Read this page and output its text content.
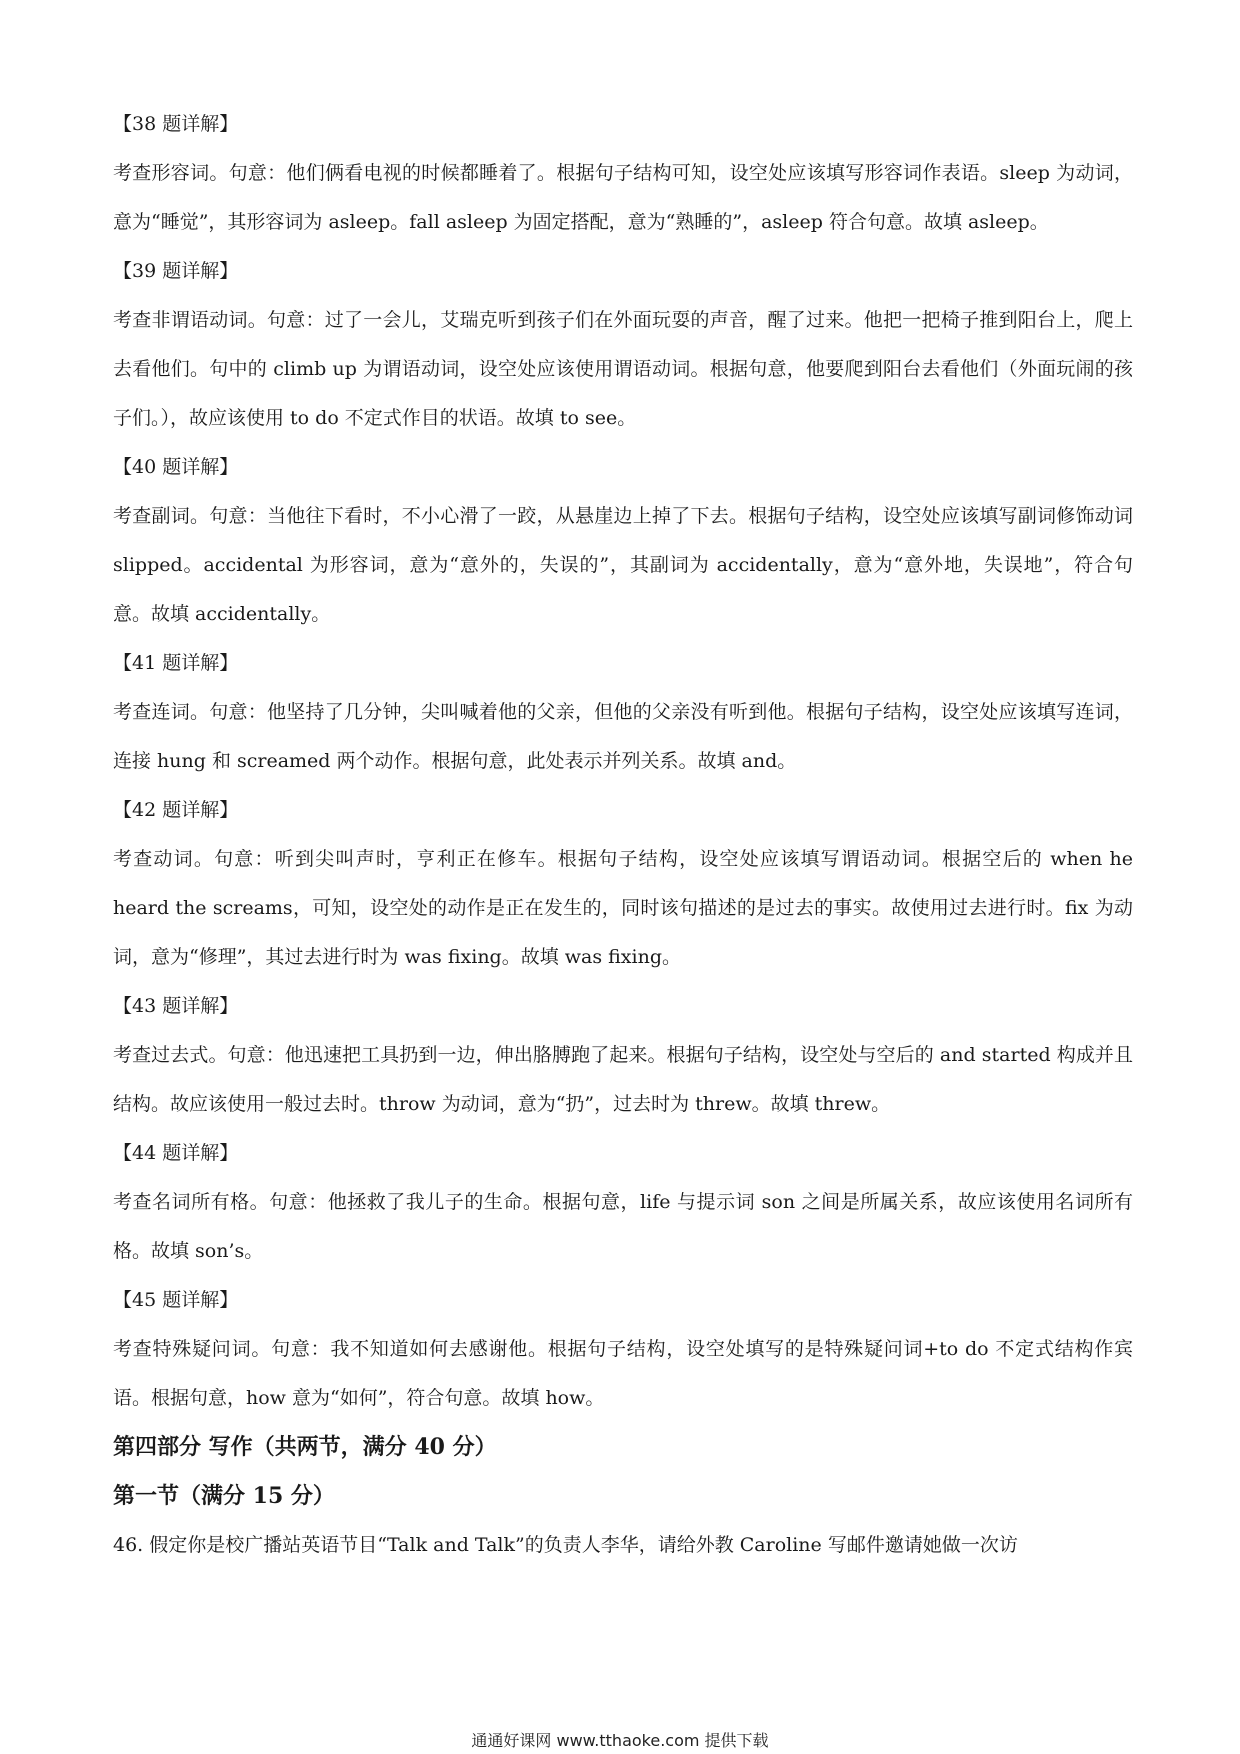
【38 题详解】

考查形容词。句意：他们俩看电视的时候都睡着了。根据句子结构可知，设空处应该填写形容词作表语。sleep 为动词，意为“睡觉”，其形容词为 asleep。fall asleep 为固定搭配，意为“熟睡的”，asleep 符合句意。故填 asleep。

【39 题详解】

考查非谓语动词。句意：过了一会儿，艾瑞克听到孩子们在外面玩耍的声音，醒了过来。他把一把椅子推到阳台上，爬上去看他们。句中的 climb up 为谓语动词，设空处应该使用谓语动词。根据句意，他要爬到阳台去看他们（外面玩闹的孩子们。），故应该使用 to do 不定式作目的状语。故填 to see。

【40 题详解】

考查副词。句意：当他往下看时，不小心滑了一跤，从悬崖边上掉了下去。根据句子结构，设空处应该填写副词修饰动词 slipped。accidental 为形容词，意为“意外的，失误的”，其副词为 accidentally，意为“意外地，失误地”，符合句意。故填 accidentally。

【41 题详解】

考查连词。句意：他坚持了几分钟，尖叫喊着他的父亲，但他的父亲没有听到他。根据句子结构，设空处应该填写连词，连接 hung 和 screamed 两个动作。根据句意，此处表示并列关系。故填 and。

【42 题详解】

考查动词。句意：听到尖叫声时，亨利正在修车。根据句子结构，设空处应该填写谓语动词。根据空后的 when he heard the screams，可知，设空处的动作是正在发生的，同时该句描述的是过去的事实。故使用过去进行时。fix 为动词，意为“修理”，其过去进行时为 was fixing。故填 was fixing。

【43 题详解】

考查过去式。句意：他迅速把工具扔到一边，伸出胳膊跑了起来。根据句子结构，设空处与空后的 and started 构成并且结构。故应该使用一般过去时。throw 为动词，意为“扔”，过去时为 threw。故填 threw。

【44 题详解】

考查名词所有格。句意：他拯救了我儿子的生命。根据句意，life 与提示词 son 之间是所属关系，故应该使用名词所有格。故填 son’s。

【45 题详解】

考查特殊疑问词。句意：我不知道如何去感谢他。根据句子结构，设空处填写的是特殊疑问词+to do 不定式结构作宾语。根据句意，how 意为“如何”，符合句意。故填 how。

第四部分 写作（共两节，满分 40 分）
第一节（满分 15 分）

46. 假定你是校广播站英语节目“Talk and Talk”的负责人李华，请给外教 Caroline 写邮件邀请她做一次访

通通好课网 www.tthaoke.com 提供下载
